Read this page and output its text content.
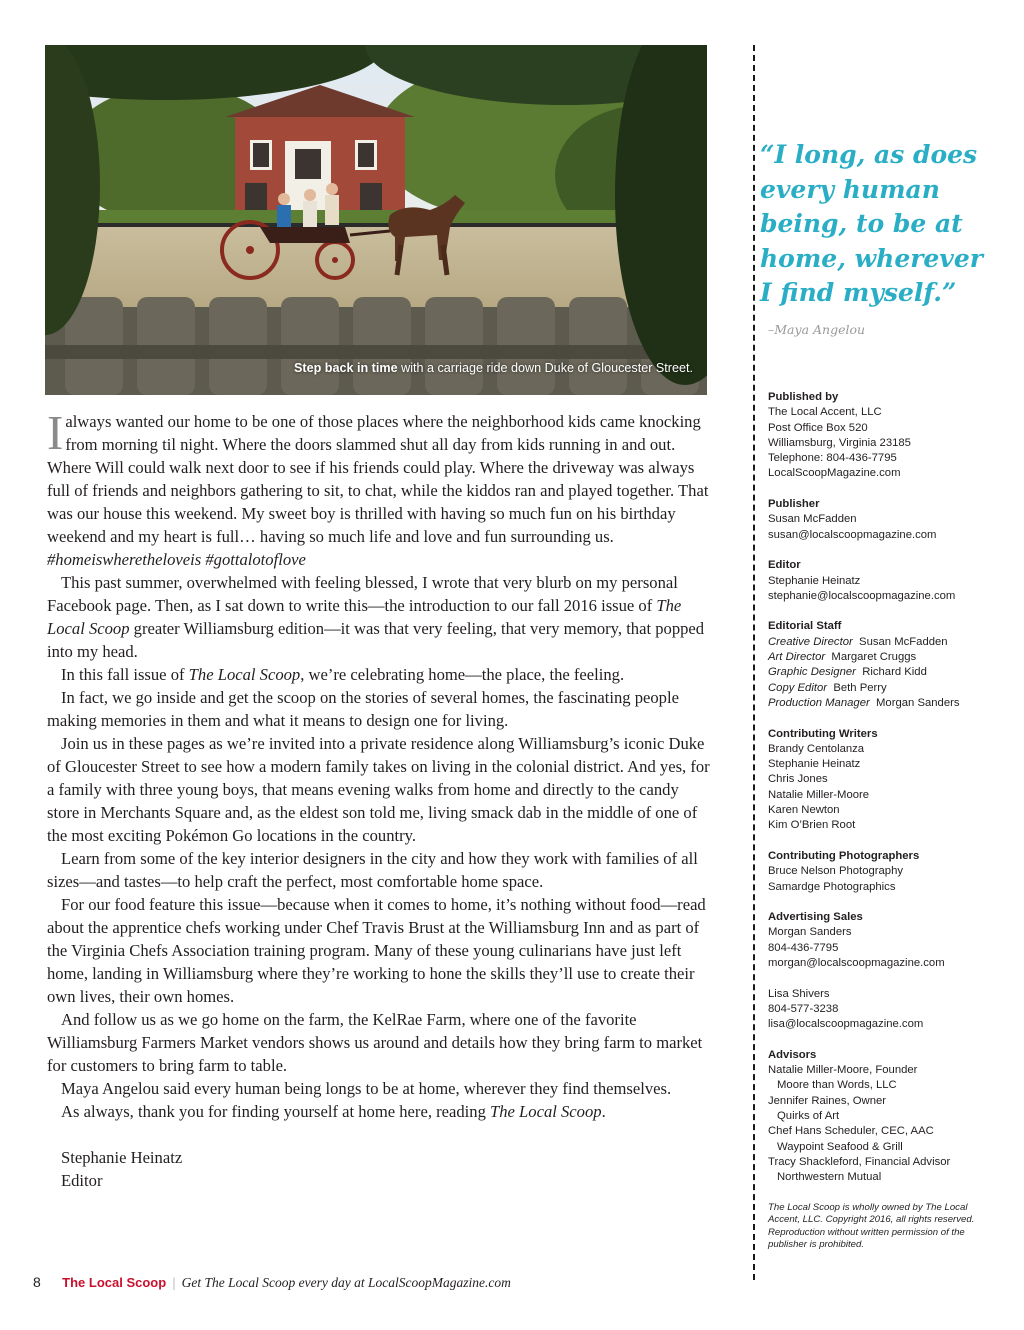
Step back in time with a carriage ride down Duke of Gloucester Street.

Ialways wanted our home to be one of those places where the neighborhood kids came knocking from morning til night. Where the doors slammed shut all day from kids running in and out. Where Will could walk next door to see if his friends could play. Where the driveway was always full of friends and neighbors gathering to sit, to chat, while the kiddos ran and played together. That was our house this weekend. My sweet boy is thrilled with having so much fun on his birthday weekend and my heart is full… having so much life and love and fun surrounding us.

#homeiswheretheloveis #gottalotoflove

This past summer, overwhelmed with feeling blessed, I wrote that very blurb on my personal Facebook page. Then, as I sat down to write this—the introduction to our fall 2016 issue of The Local Scoop greater Williamsburg edition—it was that very feeling, that very memory, that popped into my head.

In this fall issue of The Local Scoop, we’re celebrating home—the place, the feeling.

In fact, we go inside and get the scoop on the stories of several homes, the fascinating people making memories in them and what it means to design one for living.

Join us in these pages as we’re invited into a private residence along Williamsburg’s iconic Duke of Gloucester Street to see how a modern family takes on living in the colonial district. And yes, for a family with three young boys, that means evening walks from home and directly to the candy store in Merchants Square and, as the eldest son told me, living smack dab in the middle of one of the most exciting Pokémon Go locations in the country.

Learn from some of the key interior designers in the city and how they work with families of all sizes—and tastes—to help craft the perfect, most comfortable home space.

For our food feature this issue—because when it comes to home, it’s nothing without food—read about the apprentice chefs working under Chef Travis Brust at the Williamsburg Inn and as part of the Virginia Chefs Association training program. Many of these young culinarians have just left home, landing in Williamsburg where they’re working to hone the skills they’ll use to create their own lives, their own homes.

And follow us as we go home on the farm, the KelRae Farm, where one of the favorite Williamsburg Farmers Market vendors shows us around and details how they bring farm to market for customers to bring farm to table.

Maya Angelou said every human being longs to be at home, wherever they find themselves.

As always, thank you for finding yourself at home here, reading The Local Scoop.

Stephanie Heinatz

Editor

“I long, as does every human being, to be at home, wherever I find myself.”
–Maya Angelou
Published by
The Local Accent, LLC
Post Office Box 520
Williamsburg, Virginia 23185
Telephone: 804-436-7795
LocalScoopMagazine.com
Publisher
Susan McFadden
susan@localscoopmagazine.com
Editor
Stephanie Heinatz
stephanie@localscoopmagazine.com
Editorial Staff
Creative Director Susan McFadden
Art Director Margaret Cruggs
Graphic Designer Richard Kidd
Copy Editor Beth Perry
Production Manager Morgan Sanders
Contributing Writers
Brandy Centolanza
Stephanie Heinatz
Chris Jones
Natalie Miller-Moore
Karen Newton
Kim O’Brien Root
Contributing Photographers
Bruce Nelson Photography
Samardge Photographics
Advertising Sales
Morgan Sanders
804-436-7795
morgan@localscoopmagazine.com
Lisa Shivers
804-577-3238
lisa@localscoopmagazine.com
Advisors
Natalie Miller-Moore, Founder
Moore than Words, LLC
Jennifer Raines, Owner
Quirks of Art
Chef Hans Scheduler, CEC, AAC
Waypoint Seafood & Grill
Tracy Shackleford, Financial Advisor
Northwestern Mutual
The Local Scoop is wholly owned by The Local Accent, LLC. Copyright 2016, all rights reserved. Reproduction without written permission of the publisher is prohibited.
8 The Local Scoop | Get The Local Scoop every day at LocalScoopMagazine.com
